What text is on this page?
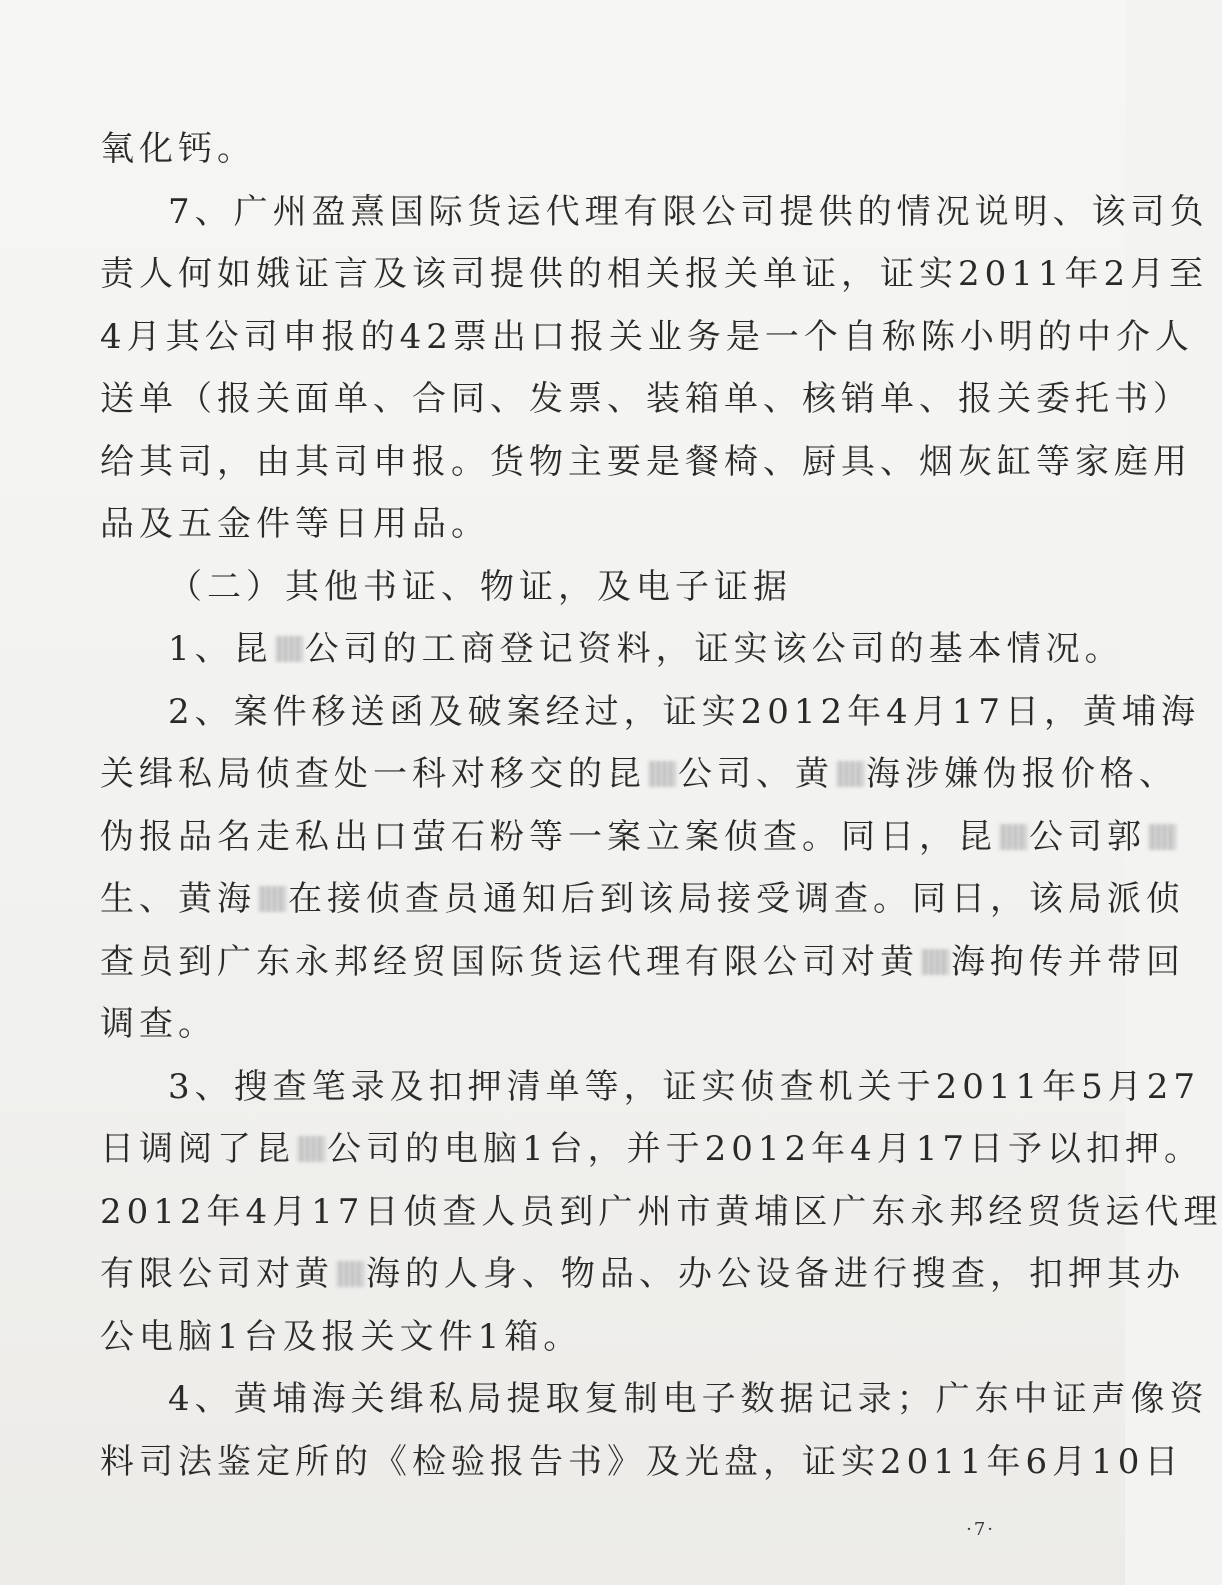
氧化钙。
7、广州盈熹国际货运代理有限公司提供的情况说明、该司负
责人何如娥证言及该司提供的相关报关单证，证实2011年2月至
4月其公司申报的42票出口报关业务是一个自称陈小明的中介人
送单（报关面单、合同、发票、装箱单、核销单、报关委托书）
给其司，由其司申报。货物主要是餐椅、厨具、烟灰缸等家庭用
品及五金件等日用品。
（二）其他书证、物证，及电子证据
1、昆 公司的工商登记资料，证实该公司的基本情况。
2、案件移送函及破案经过，证实2012年4月17日，黄埔海
关缉私局侦查处一科对移交的昆 公司、黄 海涉嫌伪报价格、
伪报品名走私出口萤石粉等一案立案侦查。同日，昆 公司郭
生、黄海 在接侦查员通知后到该局接受调查。同日，该局派侦
查员到广东永邦经贸国际货运代理有限公司对黄 海拘传并带回
调查。
3、搜查笔录及扣押清单等，证实侦查机关于2011年5月27
日调阅了昆 公司的电脑1台，并于2012年4月17日予以扣押。
2012年4月17日侦查人员到广州市黄埔区广东永邦经贸货运代理
有限公司对黄 海的人身、物品、办公设备进行搜查，扣押其办
公电脑1台及报关文件1箱。
4、黄埔海关缉私局提取复制电子数据记录；广东中证声像资
料司法鉴定所的《检验报告书》及光盘，证实2011年6月10日
·7·
